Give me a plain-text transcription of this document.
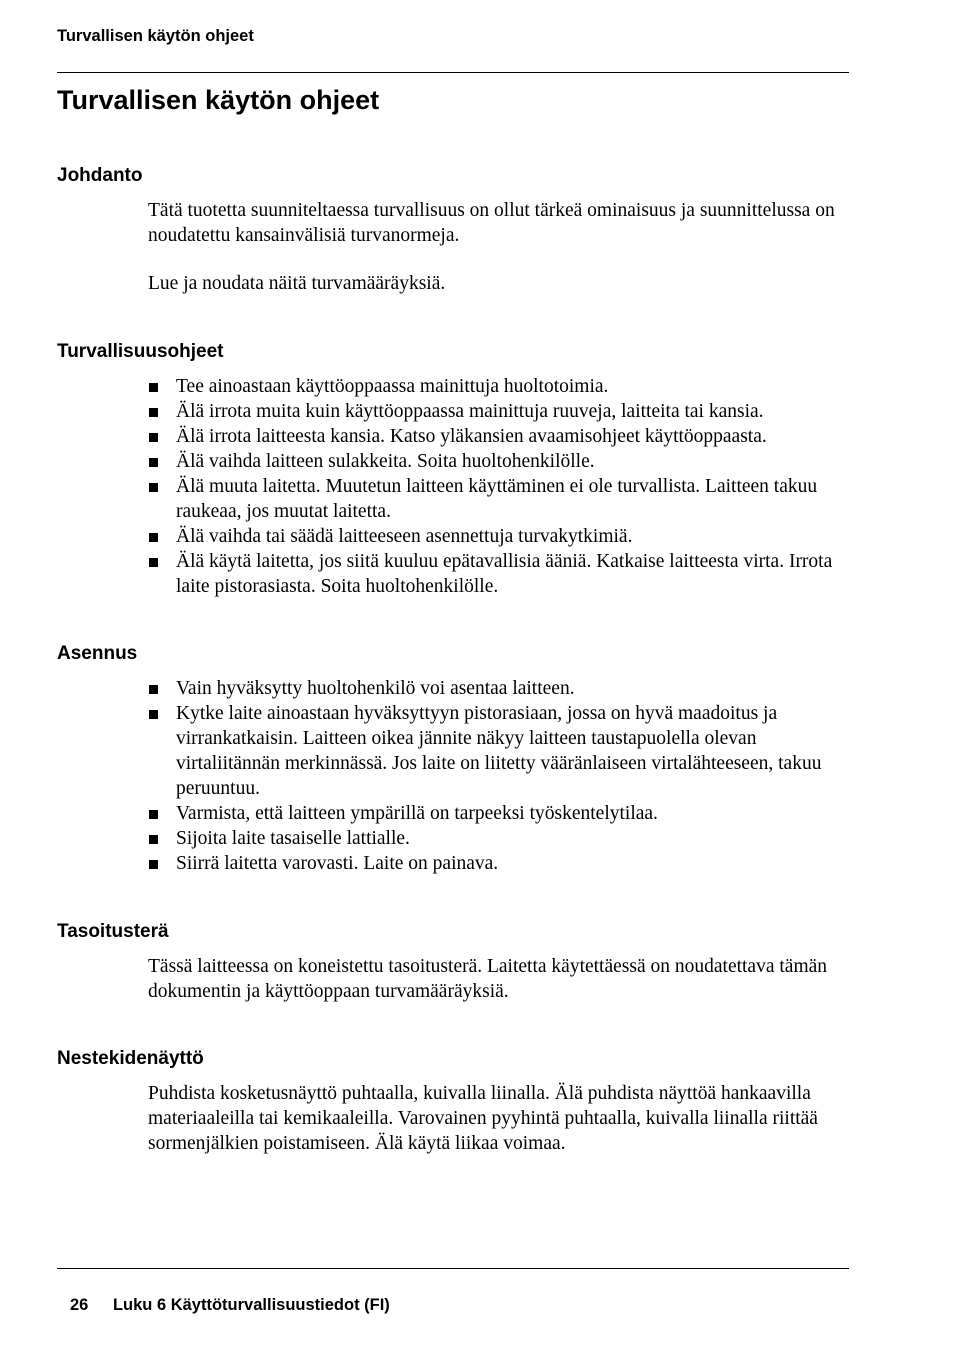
Turvallisen käytön ohjeet
Turvallisen käytön ohjeet
Johdanto

Tätä tuotetta suunniteltaessa turvallisuus on ollut tärkeä ominaisuus ja suunnittelussa on noudatettu kansainvälisiä turvanormeja.

Lue ja noudata näitä turvamääräyksiä.

Turvallisuusohjeet
Tee ainoastaan käyttöoppaassa mainittuja huoltotoimia.
Älä irrota muita kuin käyttöoppaassa mainittuja ruuveja, laitteita tai kansia.
Älä irrota laitteesta kansia. Katso yläkansien avaamisohjeet käyttöoppaasta.
Älä vaihda laitteen sulakkeita. Soita huoltohenkilölle.
Älä muuta laitetta. Muutetun laitteen käyttäminen ei ole turvallista. Laitteen takuu raukeaa, jos muutat laitetta.
Älä vaihda tai säädä laitteeseen asennettuja turvakytkimiä.
Älä käytä laitetta, jos siitä kuuluu epätavallisia ääniä. Katkaise laitteesta virta. Irrota laite pistorasiasta. Soita huoltohenkilölle.
Asennus
Vain hyväksytty huoltohenkilö voi asentaa laitteen.
Kytke laite ainoastaan hyväksyttyyn pistorasiaan, jossa on hyvä maadoitus ja virrankatkaisin. Laitteen oikea jännite näkyy laitteen taustapuolella olevan virtaliitännän merkinnässä. Jos laite on liitetty vääränlaiseen virtalähteeseen, takuu peruuntuu.
Varmista, että laitteen ympärillä on tarpeeksi työskentelytilaa.
Sijoita laite tasaiselle lattialle.
Siirrä laitetta varovasti. Laite on painava.
Tasoitusterä

Tässä laitteessa on koneistettu tasoitusterä. Laitetta käytettäessä on noudatettava tämän dokumentin ja käyttöoppaan turvamääräyksiä.

Nestekidenäyttö

Puhdista kosketusnäyttö puhtaalla, kuivalla liinalla. Älä puhdista näyttöä hankaavilla materiaaleilla tai kemikaaleilla. Varovainen pyyhintä puhtaalla, kuivalla liinalla riittää sormenjälkien poistamiseen. Älä käytä liikaa voimaa.

26 Luku 6 Käyttöturvallisuustiedot (FI)
